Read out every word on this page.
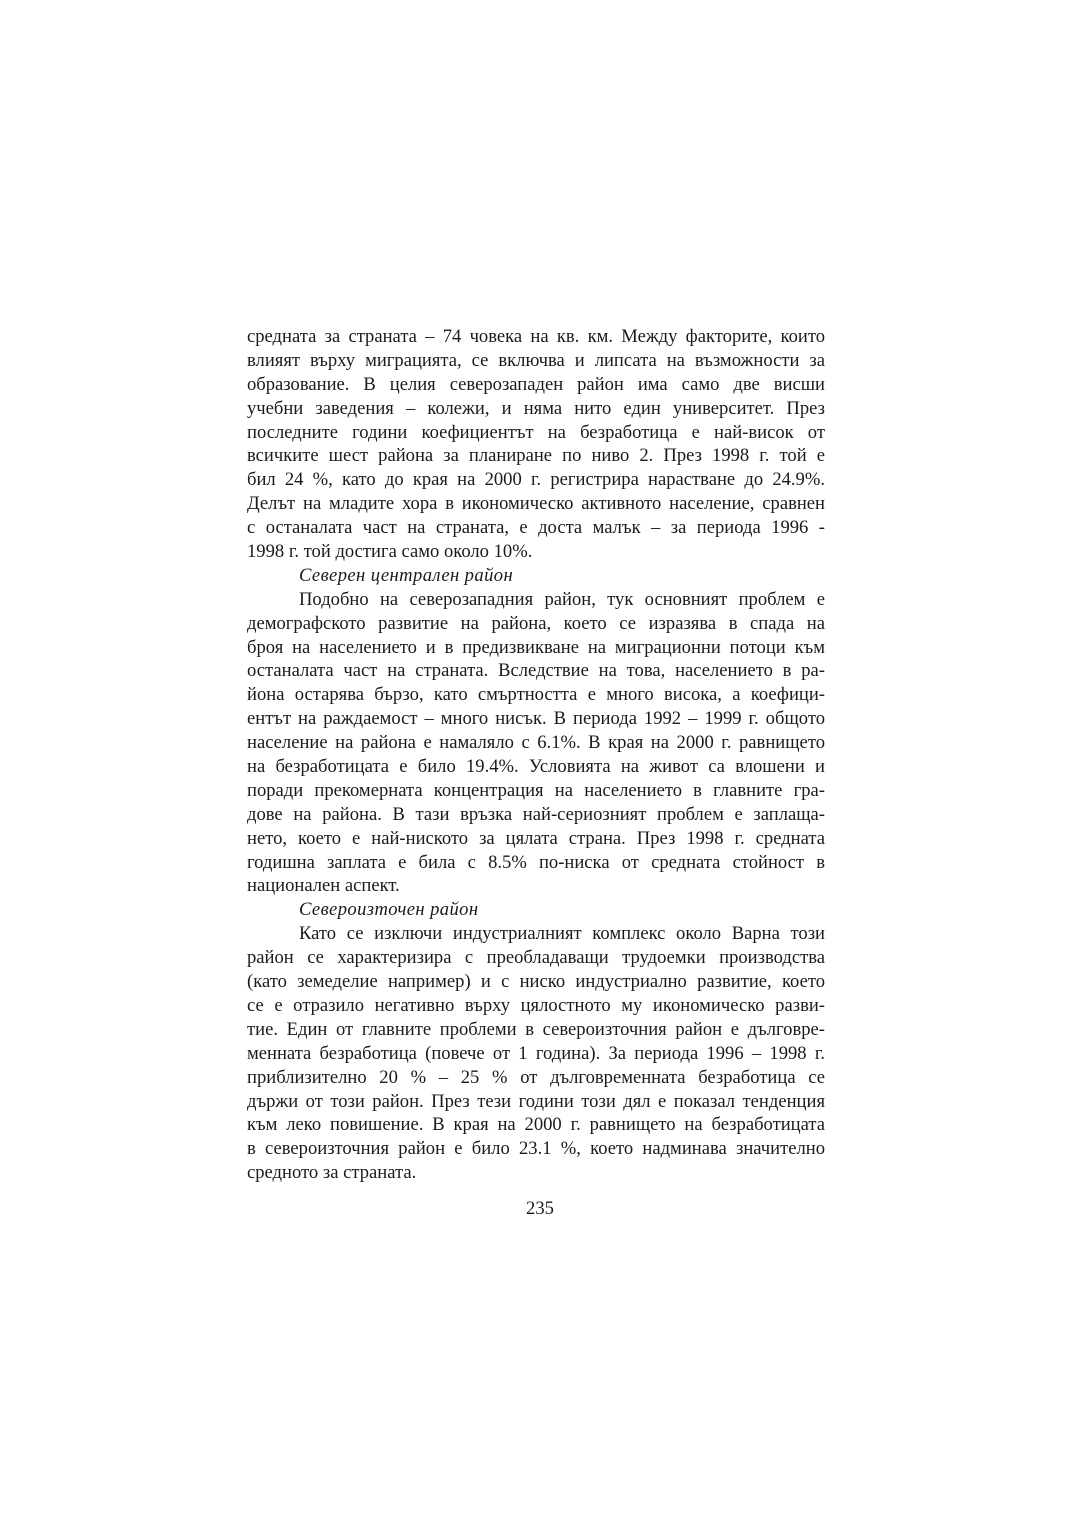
средната за страната – 74 човека на кв. км. Между факторите, които
влияят върху миграцията, се включва и липсата на възможности за
образование. В целия северозападен район има само две висши
учебни заведения – колежи, и няма нито един университет. През
последните години коефициентът на безработица е най-висок от
всичките шест района за планиране по ниво 2. През 1998 г. той е
бил 24 %, като до края на 2000 г. регистрира нарастване до 24.9%.
Делът на младите хора в икономическо активното население, сравнен
с останалата част на страната, е доста малък – за периода 1996 -
1998 г. той достига само около 10%.
Северен централен район
Подобно на северозападния район, тук основният проблем е
демографското развитие на района, което се изразява в спада на
броя на населението и в предизвикване на миграционни потоци към
останалата част на страната. Вследствие на това, населението в ра-
йона остарява бързо, като смъртността е много висока, а коефици-
ентът на раждаемост – много нисък. В периода 1992 – 1999 г. общото
население на района е намаляло с 6.1%. В края на 2000 г. равнището
на безработицата е било 19.4%. Условията на живот са влошени и
поради прекомерната концентрация на населението в главните гра-
дове на района. В тази връзка най-сериозният проблем е заплаща-
нето, което е най-ниското за цялата страна. През 1998 г. средната
годишна заплата е била с 8.5% по-ниска от средната стойност в
национален аспект.
Североизточен район
Като се изключи индустриалният комплекс около Варна този
район се характеризира с преобладаващи трудоемки производства
(като земеделие например) и с ниско индустриално развитие, което
се е отразило негативно върху цялостното му икономическо разви-
тие. Един от главните проблеми в североизточния район е дълговре-
менната безработица (повече от 1 година). За периода 1996 – 1998 г.
приблизително 20 % – 25 % от дълговременната безработица се
държи от този район. През тези години този дял е показал тенденция
към леко повишение. В края на 2000 г. равнището на безработицата
в североизточния район е било 23.1 %, което надминава значително
средното за страната.
235
